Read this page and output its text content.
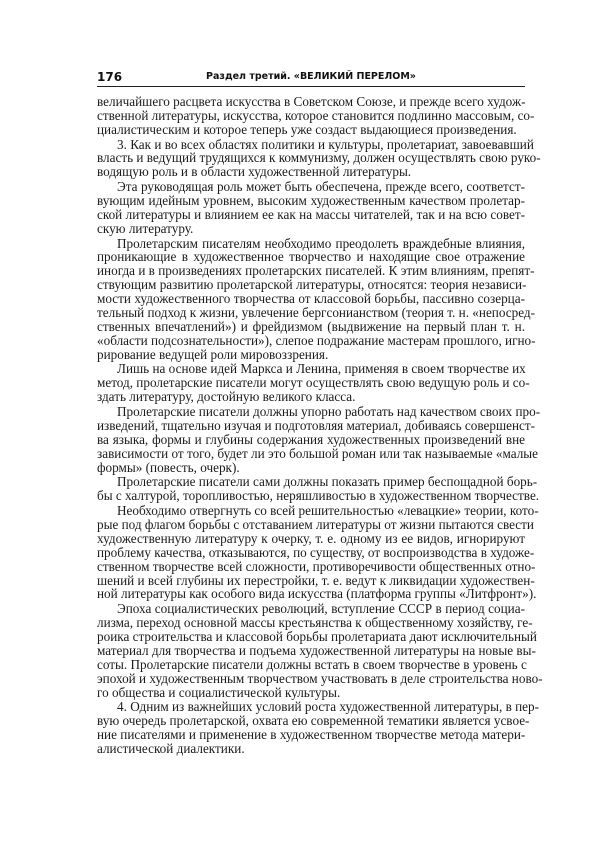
176	Раздел третий. «ВЕЛИКИЙ ПЕРЕЛОМ»
величайшего расцвета искусства в Советском Союзе, и прежде всего худож-
ственной литературы, искусства, которое становится подлинно массовым, со-
циалистическим и которое теперь уже создаст выдающиеся произведения.
3. Как и во всех областях политики и культуры, пролетариат, завоевавший
власть и ведущий трудящихся к коммунизму, должен осуществлять свою руко-
водящую роль и в области художественной литературы.
Эта руководящая роль может быть обеспечена, прежде всего, соответст-
вующим идейным уровнем, высоким художественным качеством пролетар-
ской литературы и влиянием ее как на массы читателей, так и на всю совет-
скую литературу.
Пролетарским писателям необходимо преодолеть враждебные влияния,
проникающие в художественное творчество и находящие свое отражение
иногда и в произведениях пролетарских писателей. К этим влияниям, препят-
ствующим развитию пролетарской литературы, относятся: теория независи-
мости художественного творчества от классовой борьбы, пассивно созерца-
тельный подход к жизни, увлечение бергсонианством (теория т. н. «непосред-
ственных впечатлений») и фрейдизмом (выдвижение на первый план т. н.
«области подсознательности»), слепое подражание мастерам прошлого, игно-
рирование ведущей роли мировоззрения.
Лишь на основе идей Маркса и Ленина, применяя в своем творчестве их
метод, пролетарские писатели могут осуществлять свою ведущую роль и со-
здать литературу, достойную великого класса.
Пролетарские писатели должны упорно работать над качеством своих про-
изведений, тщательно изучая и подготовляя материал, добиваясь совершенст-
ва языка, формы и глубины содержания художественных произведений вне
зависимости от того, будет ли это большой роман или так называемые «малые
формы» (повесть, очерк).
Пролетарские писатели сами должны показать пример беспощадной борь-
бы с халтурой, торопливостью, неряшливостью в художественном творчестве.
Необходимо отвергнуть со всей решительностью «левацкие» теории, кото-
рые под флагом борьбы с отставанием литературы от жизни пытаются свести
художественную литературу к очерку, т. е. одному из ее видов, игнорируют
проблему качества, отказываются, по существу, от воспроизводства в художе-
ственном творчестве всей сложности, противоречивости общественных отно-
шений и всей глубины их перестройки, т. е. ведут к ликвидации художествен-
ной литературы как особого вида искусства (платформа группы «Литфронт»).
Эпоха социалистических революций, вступление СССР в период социа-
лизма, переход основной массы крестьянства к общественному хозяйству, ге-
роика строительства и классовой борьбы пролетариата дают исключительный
материал для творчества и подъема художественной литературы на новые вы-
соты. Пролетарские писатели должны встать в своем творчестве в уровень с
эпохой и художественным творчеством участвовать в деле строительства ново-
го общества и социалистической культуры.
4. Одним из важнейших условий роста художественной литературы, в пер-
вую очередь пролетарской, охвата ею современной тематики является усвое-
ние писателями и применение в художественном творчестве метода матери-
алистической диалектики.
